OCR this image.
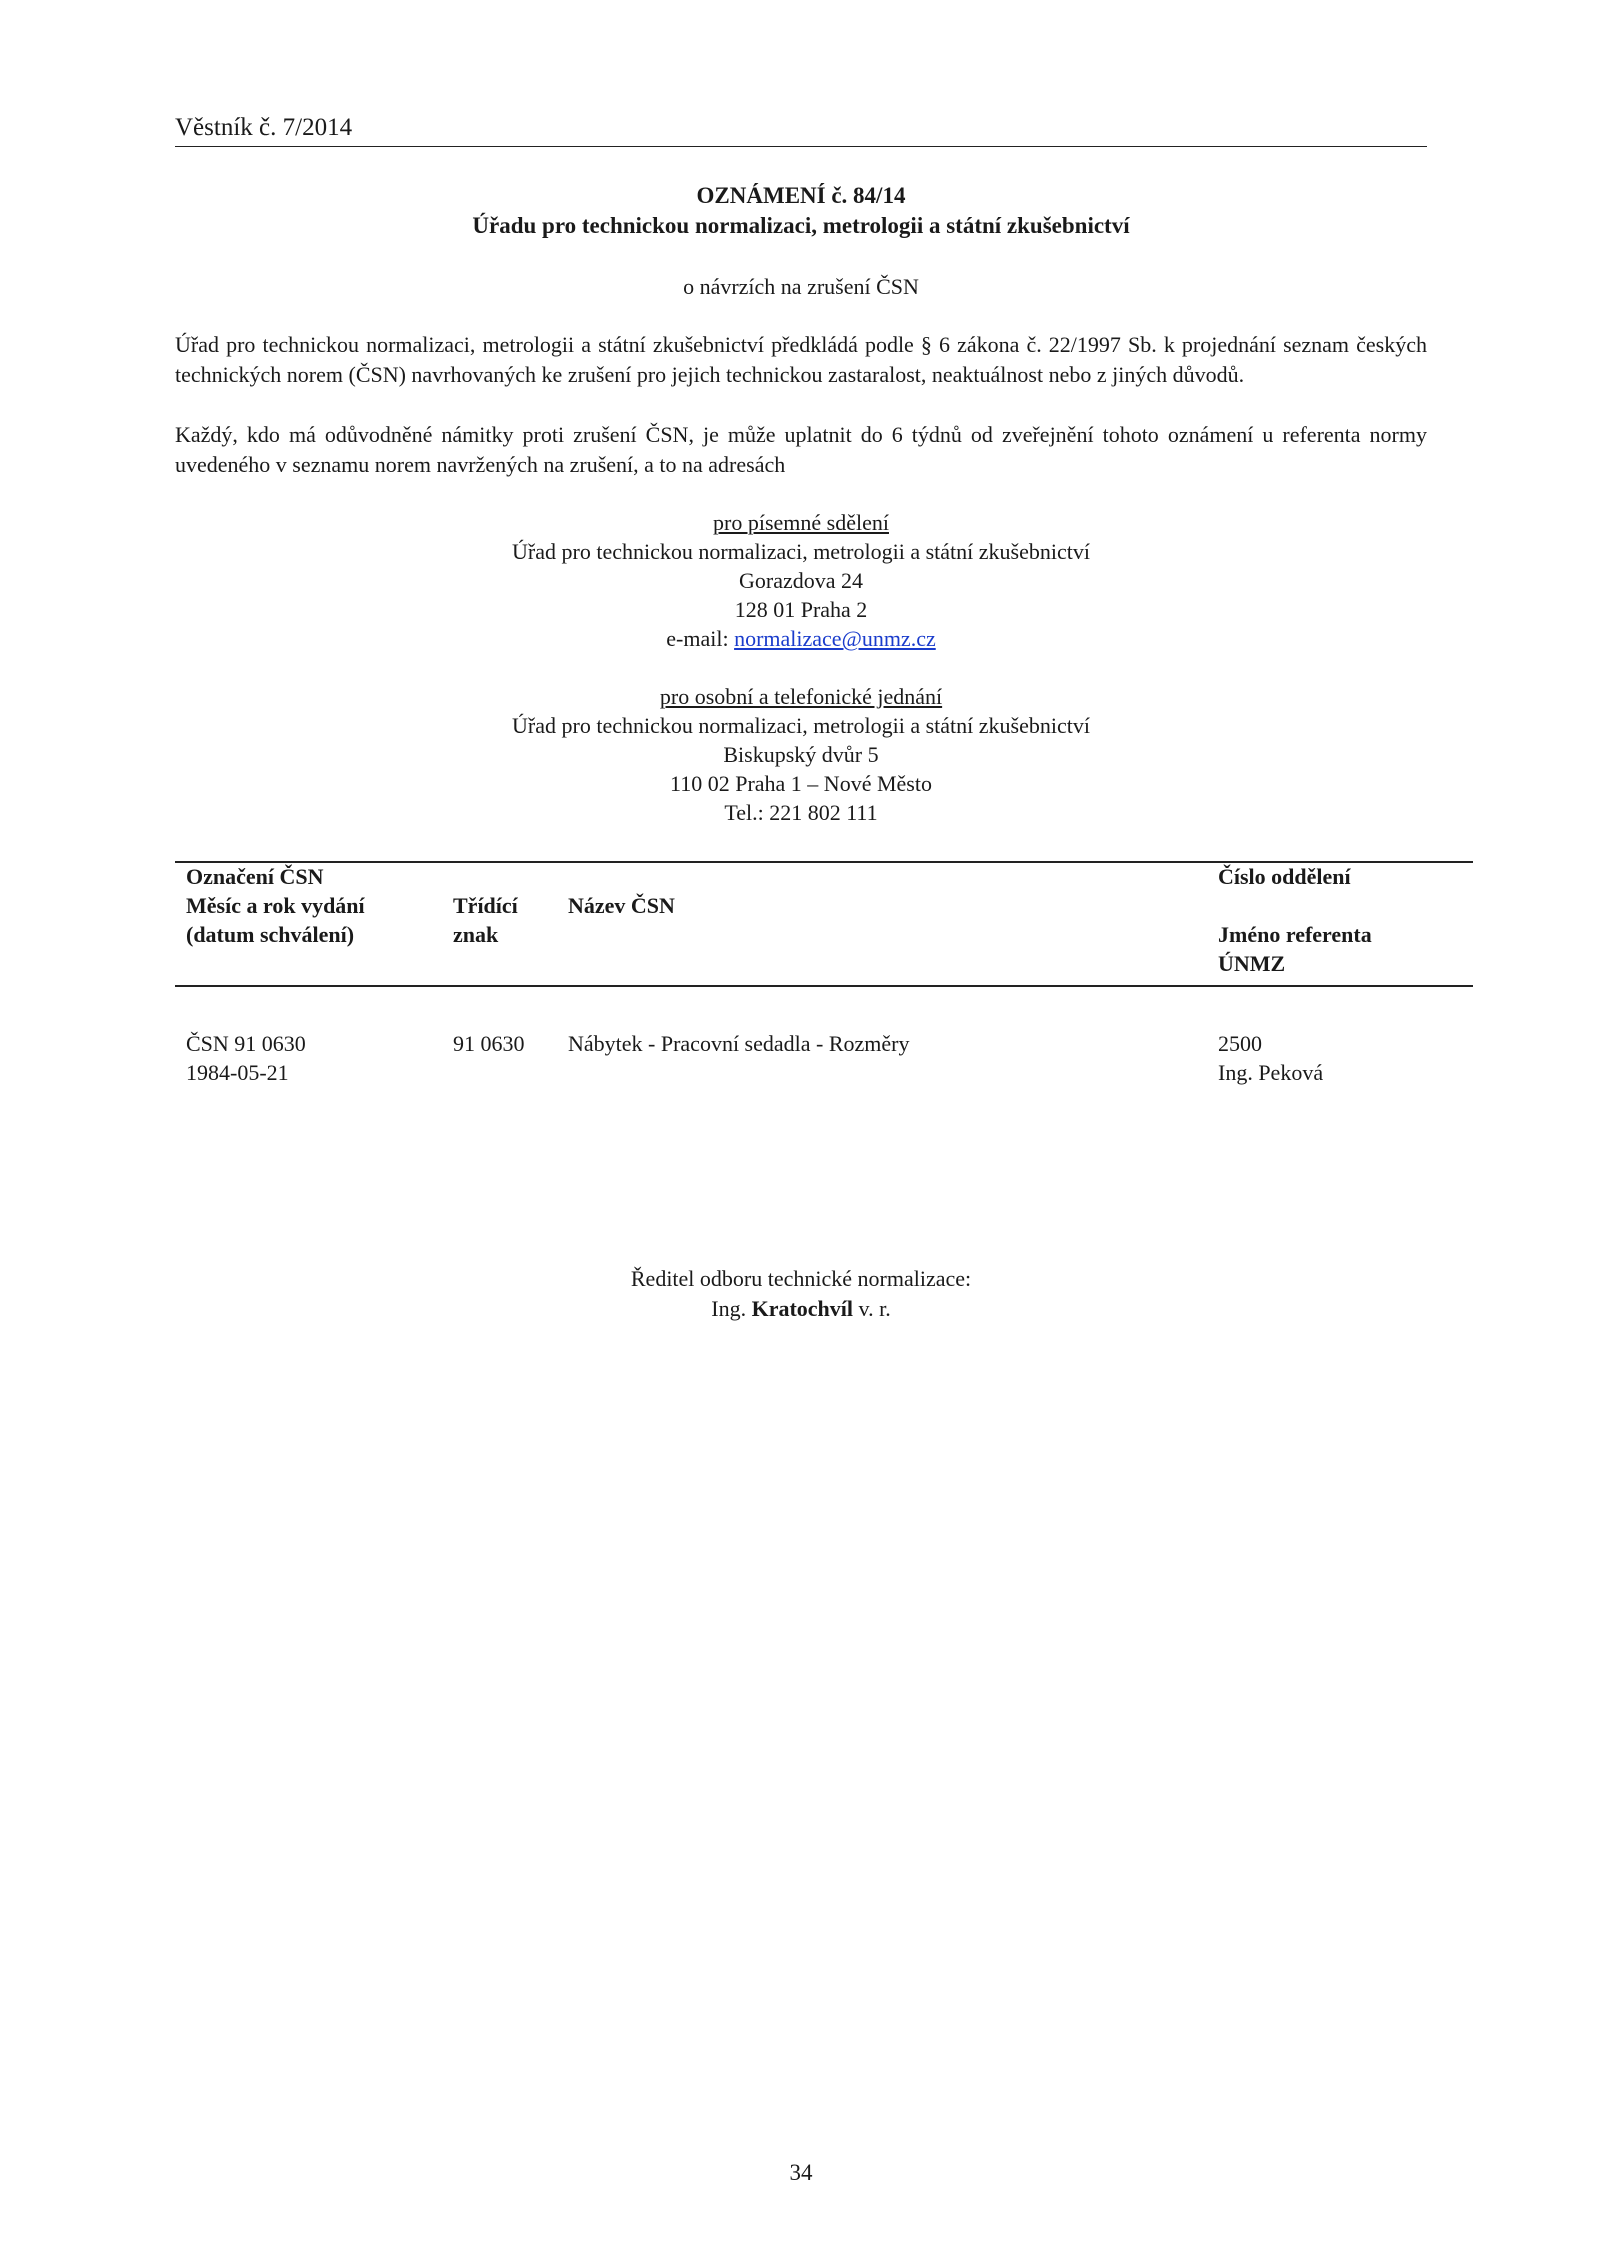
Věstník č. 7/2014
OZNÁMENÍ č. 84/14
Úřadu pro technickou normalizaci, metrologii a státní zkušebnictví
o návrzích na zrušení ČSN
Úřad pro technickou normalizaci, metrologii a státní zkušebnictví předkládá podle § 6 zákona č. 22/1997 Sb. k projednání seznam českých technických norem (ČSN) navrhovaných ke zrušení pro jejich technickou zastaralost, neaktuálnost nebo z jiných důvodů.
Každý, kdo má odůvodněné námitky proti zrušení ČSN, je může uplatnit do 6 týdnů od zveřejnění tohoto oznámení u referenta normy uvedeného v seznamu norem navržených na zrušení, a to na adresách
pro písemné sdělení
Úřad pro technickou normalizaci, metrologii a státní zkušebnictví
Gorazdova 24
128 01 Praha 2
e-mail: normalizace@unmz.cz
pro osobní a telefonické jednání
Úřad pro technickou normalizaci, metrologii a státní zkušebnictví
Biskupský dvůr 5
110 02 Praha 1 – Nové Město
Tel.: 221 802 111
Označení ČSN
Měsíc a rok vydání
(datum schválení)
Třídící
znak
Název ČSN
Číslo oddělení
Jméno referenta
ÚNMZ
ČSN 91 0630
1984-05-21
91 0630 Nábytek - Pracovní sedadla - Rozměry	2500
Ing. Peková
Ředitel odboru technické normalizace:
Ing. Kratochvíl v. r.
34
